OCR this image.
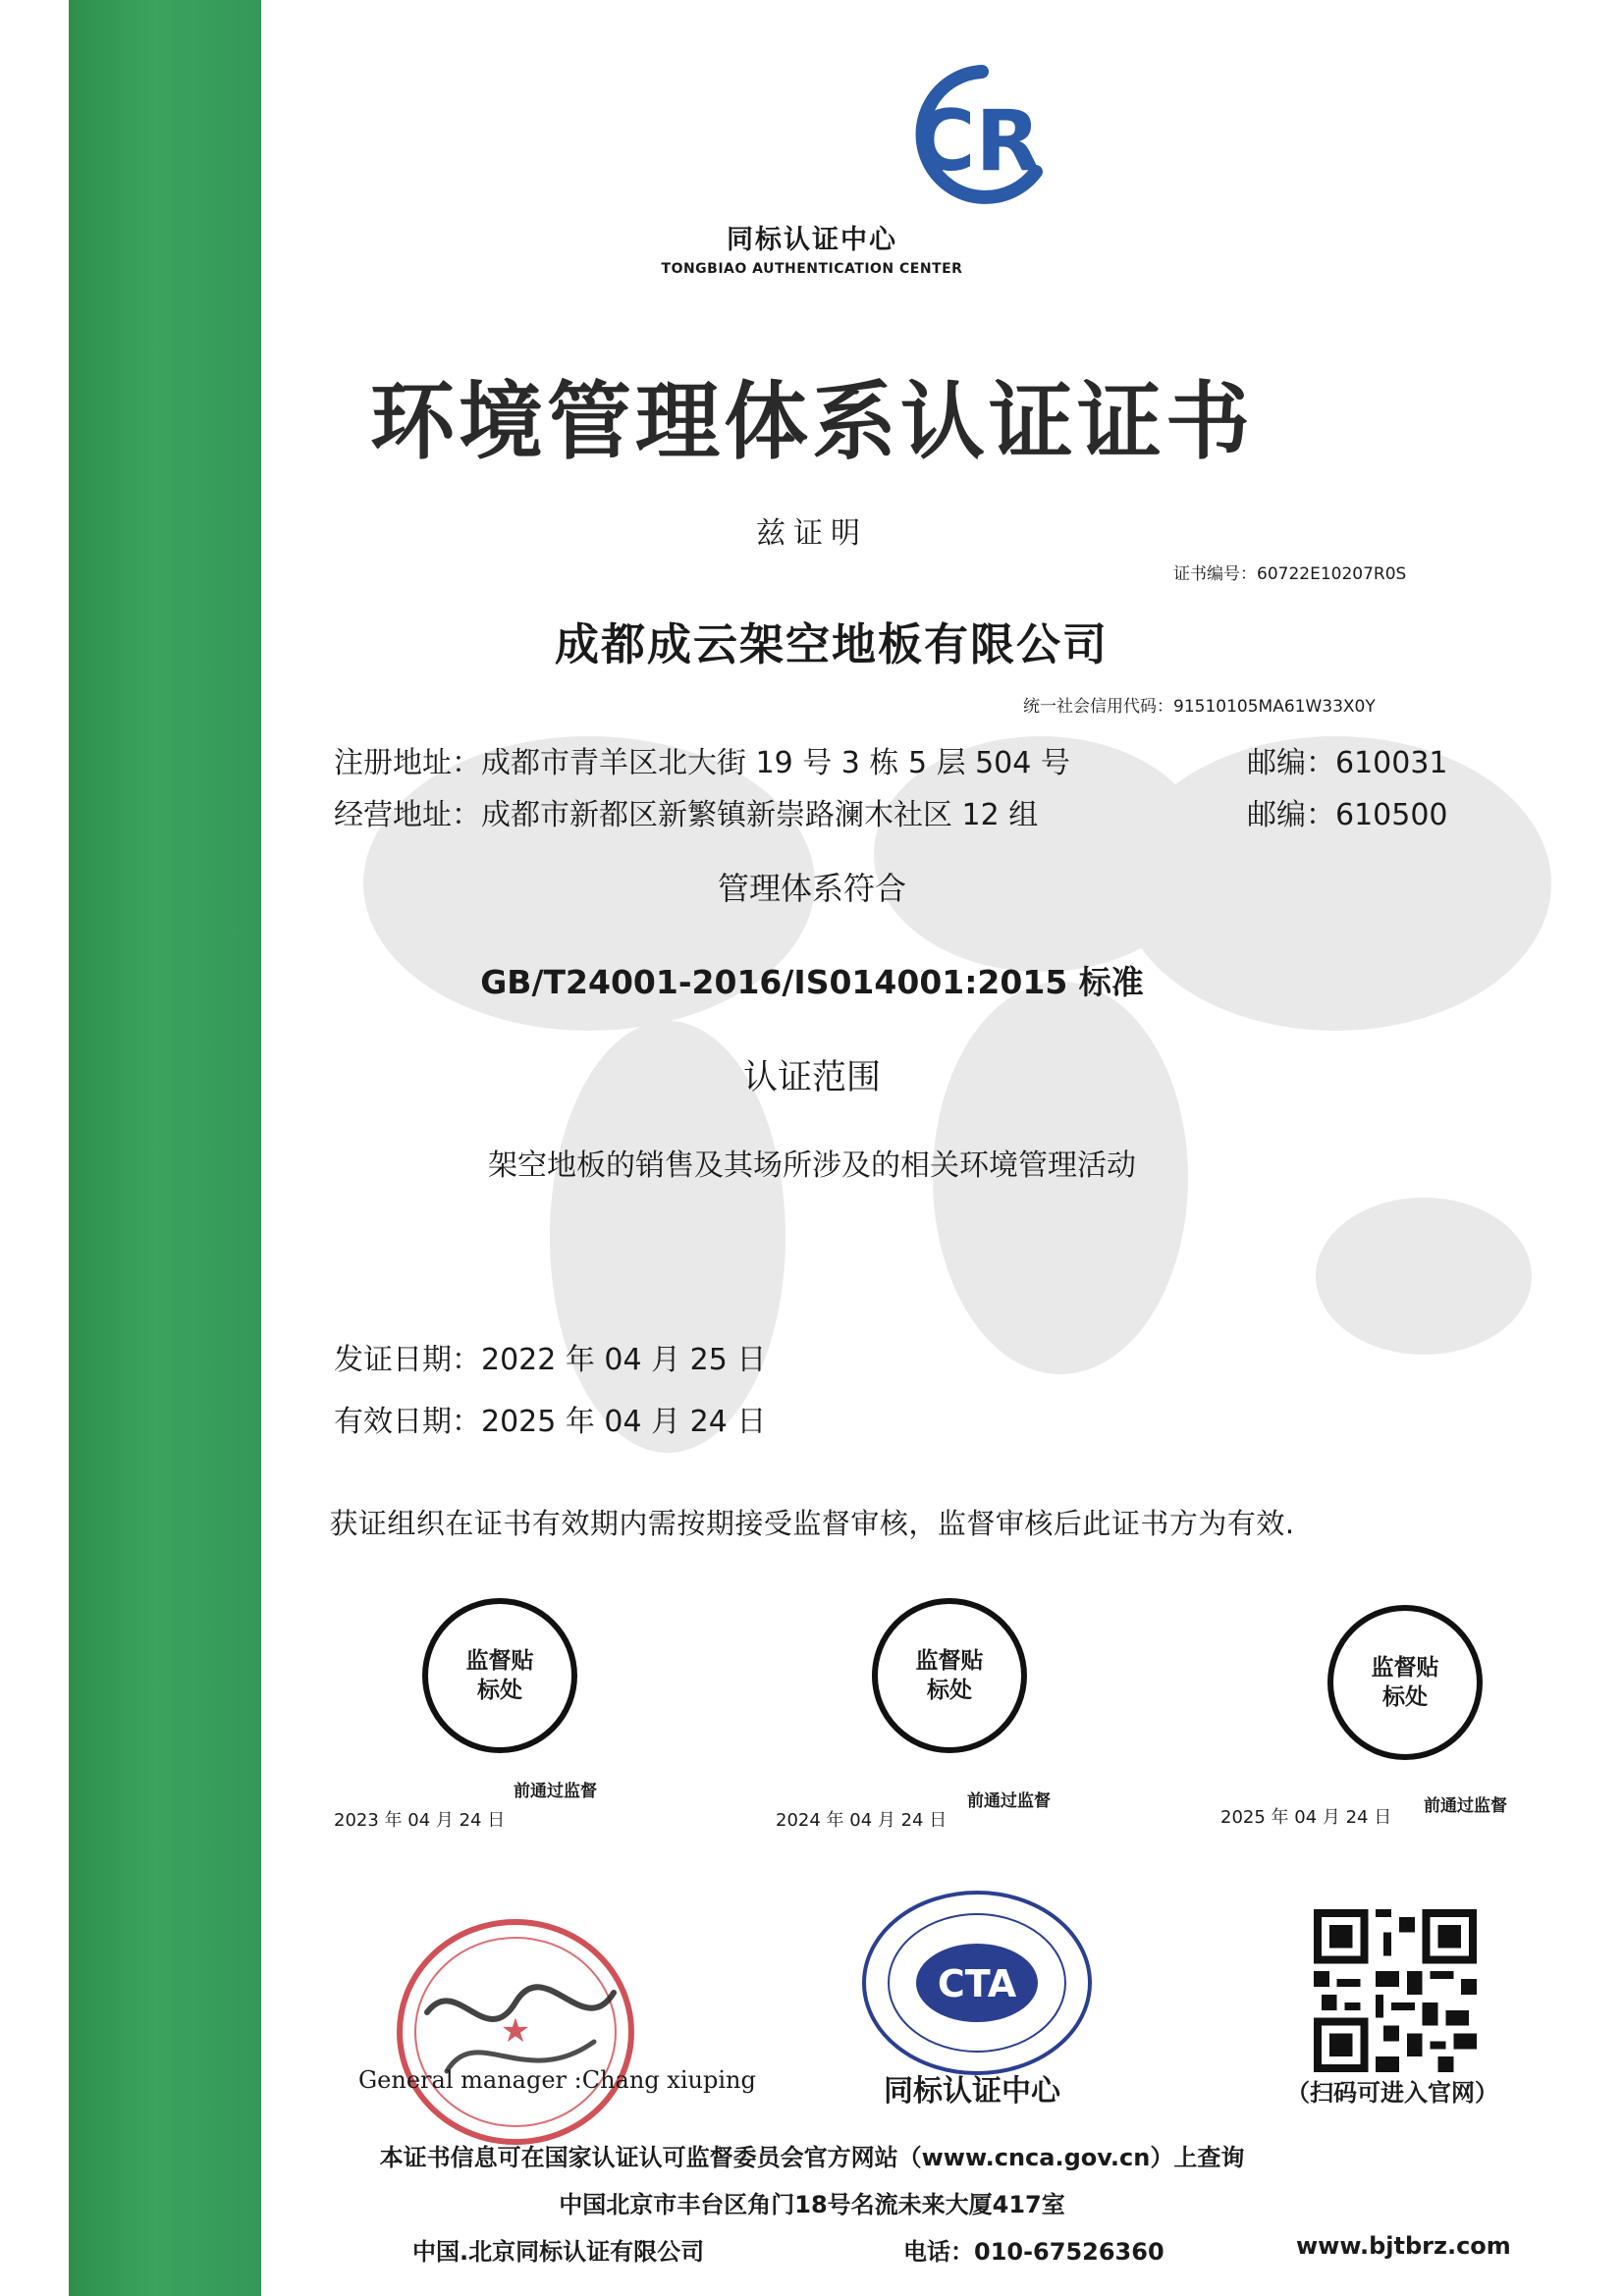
CR
同标认证中心
TONGBIAO AUTHENTICATION CENTER
环境管理体系认证证书
兹证明
证书编号：60722E10207R0S
成都成云架空地板有限公司
统一社会信用代码：91510105MA61W33X0Y
注册地址：成都市青羊区北大街 19 号 3 栋 5 层 504 号	邮编：610031
经营地址：成都市新都区新繁镇新崇路澜木社区 12 组	邮编：610500
管理体系符合
GB/T24001-2016/IS014001:2015 标准
认证范围
架空地板的销售及其场所涉及的相关环境管理活动
发证日期：2022 年 04 月 25 日
有效日期：2025 年 04 月 24 日
获证组织在证书有效期内需按期接受监督审核，监督审核后此证书方为有效.
监督贴标处
前通过监督
2023 年 04 月 24 日
监督贴标处
前通过监督
2024 年 04 月 24 日
监督贴标处
前通过监督
2025 年 04 月 24 日
★
General manager :Chang xiuping
CTA
同标认证中心	（扫码可进入官网）
本证书信息可在国家认证认可监督委员会官方网站（www.cnca.gov.cn）上查询
中国北京市丰台区角门18号名流未来大厦417室
中国.北京同标认证有限公司	电话：010-67526360	www.bjtbrz.com
